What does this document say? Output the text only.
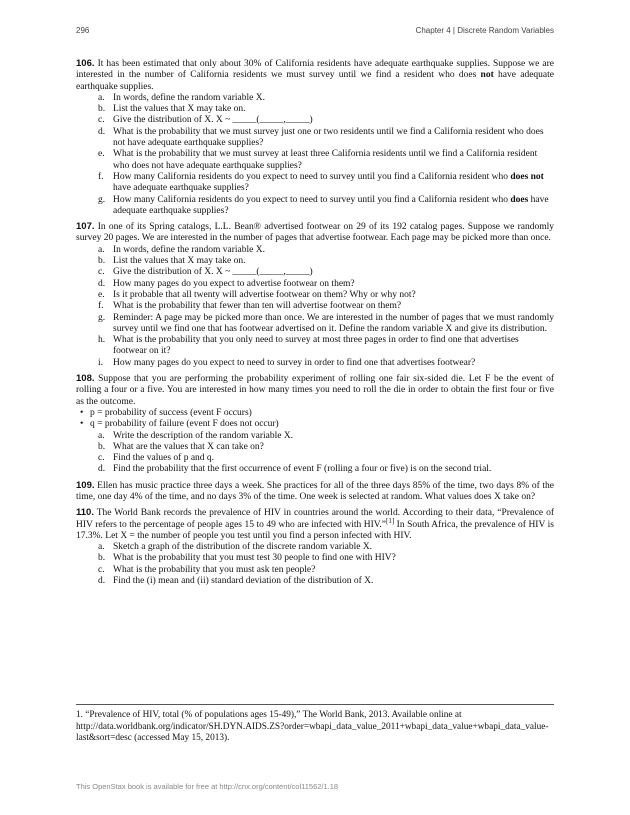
296	Chapter 4 | Discrete Random Variables

106. It has been estimated that only about 30% of California residents have adequate earthquake supplies. Suppose we are interested in the number of California residents we must survey until we find a resident who does not have adequate earthquake supplies.

a. In words, define the random variable X.
b. List the values that X may take on.
c. Give the distribution of X. X ~ _____(_____,_____)
d. What is the probability that we must survey just one or two residents until we find a California resident who does not have adequate earthquake supplies?
e. What is the probability that we must survey at least three California residents until we find a California resident who does not have adequate earthquake supplies?
f. How many California residents do you expect to need to survey until you find a California resident who does not have adequate earthquake supplies?
g. How many California residents do you expect to need to survey until you find a California resident who does have adequate earthquake supplies?

107. In one of its Spring catalogs, L.L. Bean® advertised footwear on 29 of its 192 catalog pages. Suppose we randomly survey 20 pages. We are interested in the number of pages that advertise footwear. Each page may be picked more than once.

a. In words, define the random variable X.
b. List the values that X may take on.
c. Give the distribution of X. X ~ _____(_____,_____)
d. How many pages do you expect to advertise footwear on them?
e. Is it probable that all twenty will advertise footwear on them? Why or why not?
f. What is the probability that fewer than ten will advertise footwear on them?
g. Reminder: A page may be picked more than once. We are interested in the number of pages that we must randomly survey until we find one that has footwear advertised on it. Define the random variable X and give its distribution.
h. What is the probability that you only need to survey at most three pages in order to find one that advertises footwear on it?
i. How many pages do you expect to need to survey in order to find one that advertises footwear?

108. Suppose that you are performing the probability experiment of rolling one fair six-sided die. Let F be the event of rolling a four or a five. You are interested in how many times you need to roll the die in order to obtain the first four or five as the outcome.

• p = probability of success (event F occurs)
• q = probability of failure (event F does not occur)
a. Write the description of the random variable X.
b. What are the values that X can take on?
c. Find the values of p and q.
d. Find the probability that the first occurrence of event F (rolling a four or five) is on the second trial.

109. Ellen has music practice three days a week. She practices for all of the three days 85% of the time, two days 8% of the time, one day 4% of the time, and no days 3% of the time. One week is selected at random. What values does X take on?

110. The World Bank records the prevalence of HIV in countries around the world. According to their data, “Prevalence of HIV refers to the percentage of people ages 15 to 49 who are infected with HIV.”[1] In South Africa, the prevalence of HIV is 17.3%. Let X = the number of people you test until you find a person infected with HIV.

a. Sketch a graph of the distribution of the discrete random variable X.
b. What is the probability that you must test 30 people to find one with HIV?
c. What is the probability that you must ask ten people?
d. Find the (i) mean and (ii) standard deviation of the distribution of X.
1. “Prevalence of HIV, total (% of populations ages 15-49),” The World Bank, 2013. Available online at http://data.worldbank.org/indicator/SH.DYN.AIDS.ZS?order=wbapi_data_value_2011+wbapi_data_value+wbapi_data_value-last&sort=desc (accessed May 15, 2013).
This OpenStax book is available for free at http://cnx.org/content/col11562/1.18
